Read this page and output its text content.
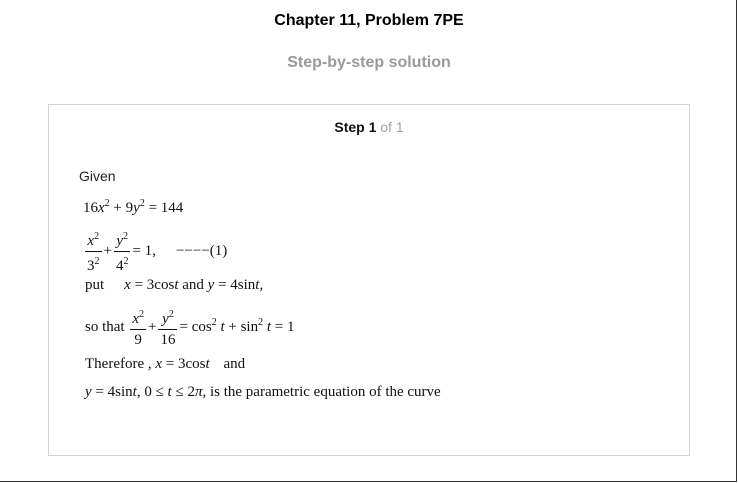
Chapter 11, Problem 7PE
Step-by-step solution
Step 1 of 1
Given
$16x^2 + 9y^2 = 144$
$\frac{x^2}{3^2} + \frac{y^2}{4^2} = 1$, −−−−(1)
put x = 3cost and y = 4sint,
so that $\frac{x^2}{9} + \frac{y^2}{16} = \cos^2 t + \sin^2 t = 1$
Therefore , x = 3cost and
y = 4sint, 0 ≤ t ≤ 2π, is the parametric equation of the curve
